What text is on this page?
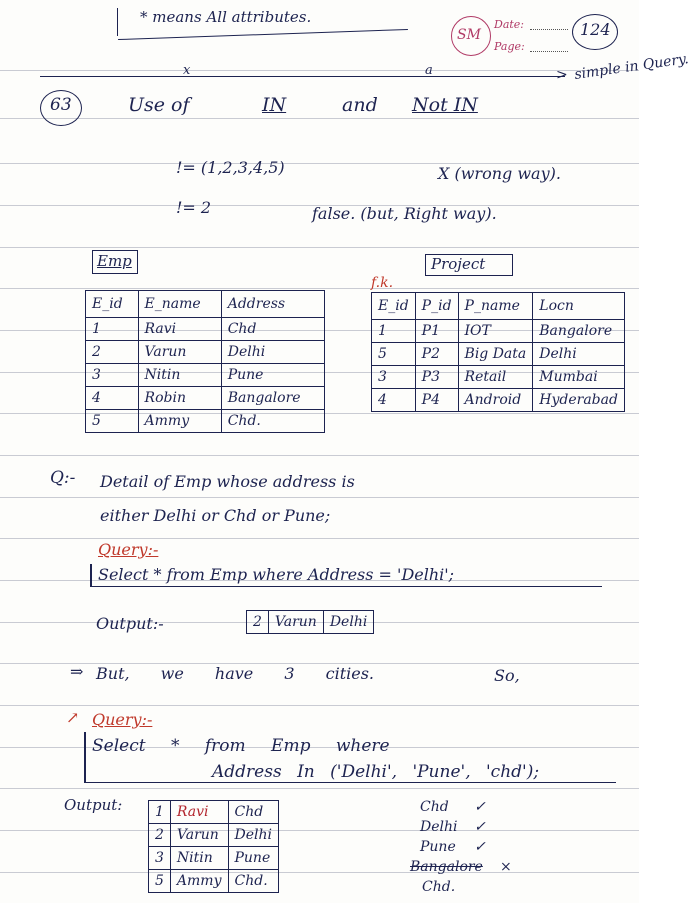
* means All attributes.
SM
Date:
Page:
124
x	a	> simple in Query.
63	Use of	IN	and Not IN
!= (1,2,3,4,5)	X (wrong way).
!= 2	false. (but, Right way).
Emp	Project
f.k.
E_id	E_name	Address
1	Ravi	Chd
2	Varun	Delhi
3	Nitin	Pune
4	Robin	Bangalore
5	Ammy	Chd.
E_id	P_id	P_name	Locn
1	P1	IOT	Bangalore
5	P2	Big Data	Delhi
3	P3	Retail	Mumbai
4	P4	Android	Hyderabad
Q:- Detail of Emp whose address is
either Delhi or Chd or Pune;
Query:-
Select * from Emp where Address = 'Delhi';
Output:-	2	Varun	Delhi
⇒ But, we have 3 cities.	So,
↗ Query:-
Select * from Emp where
Address In ('Delhi', 'Pune', 'chd');
Output: 1	Ravi	Chd
2	Varun	Delhi
3	Nitin	Pune
5	Ammy	Chd.
Chd ✓
Delhi ✓
Pune ✓
Bangalore ×
Chd.
